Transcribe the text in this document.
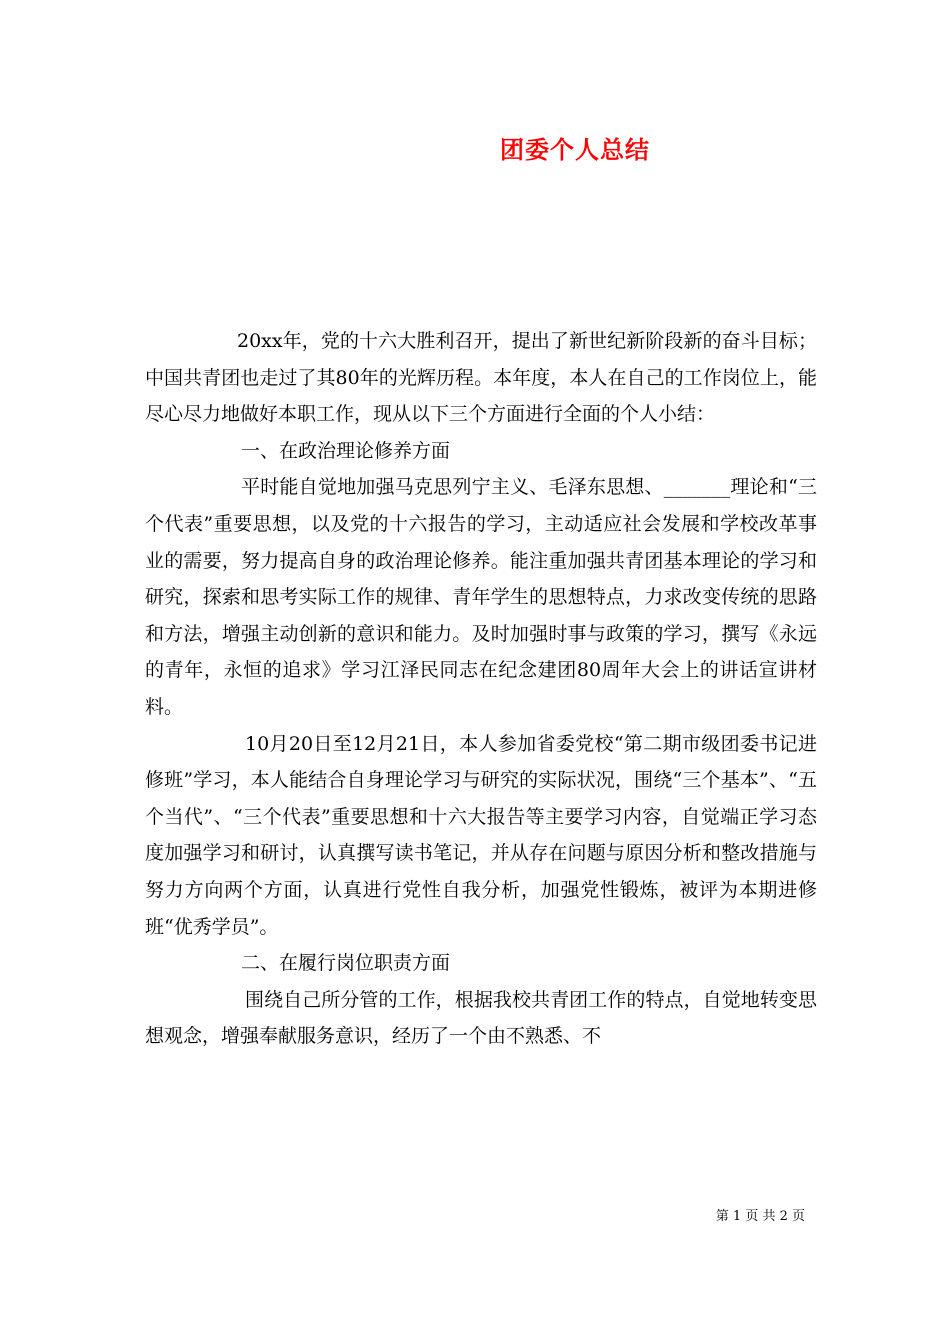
团委个人总结

20xx年，党的十六大胜利召开，提出了新世纪新阶段新的奋斗目标；中国共青团也走过了其80年的光辉历程。本年度，本人在自己的工作岗位上，能尽心尽力地做好本职工作，现从以下三个方面进行全面的个人小结：

一、在政治理论修养方面

平时能自觉地加强马克思列宁主义、毛泽东思想、_______理论和“三个代表”重要思想，以及党的十六报告的学习，主动适应社会发展和学校改革事业的需要，努力提高自身的政治理论修养。能注重加强共青团基本理论的学习和研究，探索和思考实际工作的规律、青年学生的思想特点，力求改变传统的思路和方法，增强主动创新的意识和能力。及时加强时事与政策的学习，撰写《永远的青年，永恒的追求》学习江泽民同志在纪念建团80周年大会上的讲话宣讲材料。

10月20日至12月21日，本人参加省委党校“第二期市级团委书记进修班”学习，本人能结合自身理论学习与研究的实际状况，围绕“三个基本”、“五个当代”、“三个代表”重要思想和十六大报告等主要学习内容，自觉端正学习态度加强学习和研讨，认真撰写读书笔记，并从存在问题与原因分析和整改措施与努力方向两个方面，认真进行党性自我分析，加强党性锻炼，被评为本期进修班“优秀学员”。

二、在履行岗位职责方面

围绕自己所分管的工作，根据我校共青团工作的特点，自觉地转变思想观念，增强奉献服务意识，经历了一个由不熟悉、不

第 1 页 共 2 页
